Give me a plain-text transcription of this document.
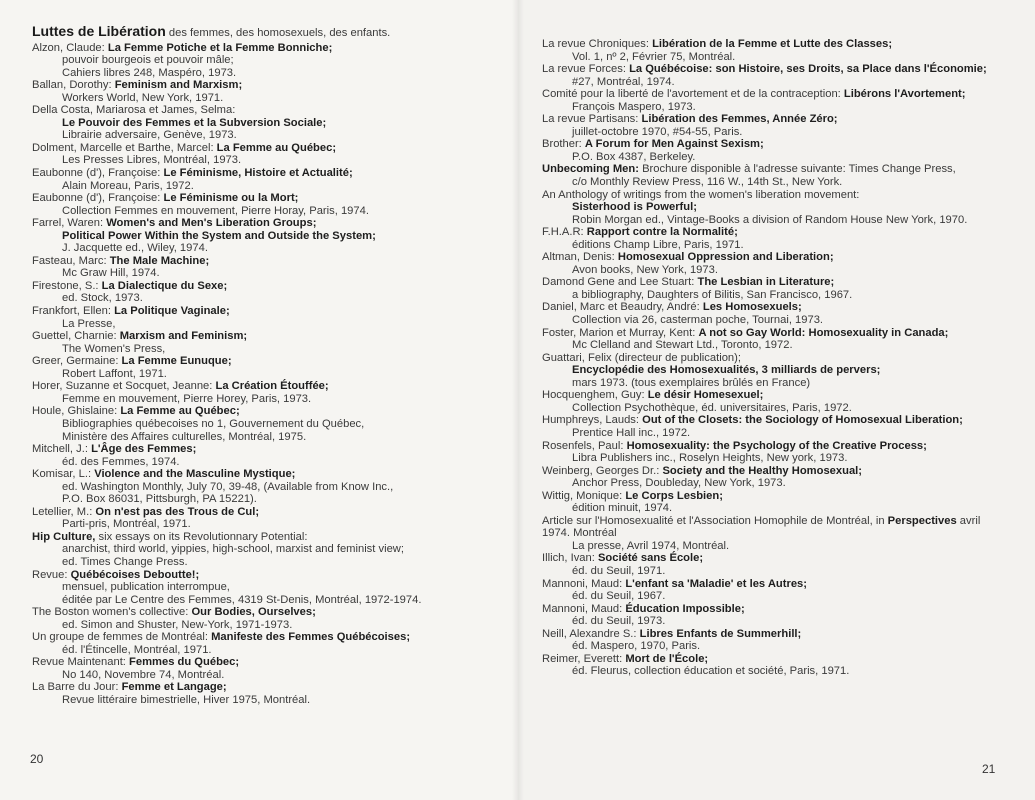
Luttes de Libération des femmes, des homosexuels, des enfants.
Alzon, Claude: La Femme Potiche et la Femme Bonniche;
pouvoir bourgeois et pouvoir mâle;
Cahiers libres 248, Maspéro, 1973.
Ballan, Dorothy: Feminism and Marxism;
Workers World, New York, 1971.
Della Costa, Mariarosa et James, Selma:
Le Pouvoir des Femmes et la Subversion Sociale;
Librairie adversaire, Genève, 1973.
Dolment, Marcelle et Barthe, Marcel: La Femme au Québec;
Les Presses Libres, Montréal, 1973.
Eaubonne (d'), Françoise: Le Féminisme, Histoire et Actualité;
Alain Moreau, Paris, 1972.
Eaubonne (d'), Françoise: Le Féminisme ou la Mort;
Collection Femmes en mouvement, Pierre Horay, Paris, 1974.
Farrel, Waren: Women's and Men's Liberation Groups;
Political Power Within the System and Outside the System;
J. Jacquette ed., Wiley, 1974.
Fasteau, Marc: The Male Machine;
Mc Graw Hill, 1974.
Firestone, S.: La Dialectique du Sexe;
ed. Stock, 1973.
Frankfort, Ellen: La Politique Vaginale;
La Presse,
Guettel, Charnie: Marxism and Feminism;
The Women's Press,
Greer, Germaine: La Femme Eunuque;
Robert Laffont, 1971.
Horer, Suzanne et Socquet, Jeanne: La Création Étouffée;
Femme en mouvement, Pierre Horey, Paris, 1973.
Houle, Ghislaine: La Femme au Québec;
Bibliographies québecoises no 1, Gouvernement du Québec,
Ministère des Affaires culturelles, Montréal, 1975.
Mitchell, J.: L'Âge des Femmes;
éd. des Femmes, 1974.
Komisar, L.: Violence and the Masculine Mystique;
ed. Washington Monthly, July 70, 39-48, (Available from Know Inc.,
P.O. Box 86031, Pittsburgh, PA 15221).
Letellier, M.: On n'est pas des Trous de Cul;
Parti-pris, Montréal, 1971.
Hip Culture, six essays on its Revolutionnary Potential:
anarchist, third world, yippies, high-school, marxist and feminist view;
ed. Times Change Press.
Revue: Québécoises Deboutte!;
mensuel, publication interrompue,
éditée par Le Centre des Femmes, 4319 St-Denis, Montréal, 1972-1974.
The Boston women's collective: Our Bodies, Ourselves;
ed. Simon and Shuster, New-York, 1971-1973.
Un groupe de femmes de Montréal: Manifeste des Femmes Québécoises;
éd. l'Étincelle, Montréal, 1971.
Revue Maintenant: Femmes du Québec;
No 140, Novembre 74, Montréal.
La Barre du Jour: Femme et Langage;
Revue littéraire bimestrielle, Hiver 1975, Montréal.
La revue Chroniques: Libération de la Femme et Lutte des Classes;
Vol. 1, nº 2, Février 75, Montréal.
La revue Forces: La Québécoise: son Histoire, ses Droits, sa Place dans l'Économie;
#27, Montréal, 1974.
Comité pour la liberté de l'avortement et de la contraception: Libérons l'Avortement;
François Maspero, 1973.
La revue Partisans: Libération des Femmes, Année Zéro;
juillet-octobre 1970, #54-55, Paris.
Brother: A Forum for Men Against Sexism;
P.O. Box 4387, Berkeley.
Unbecoming Men: Brochure disponible à l'adresse suivante: Times Change Press,
c/o Monthly Review Press, 116 W., 14th St., New York.
An Anthology of writings from the women's liberation movement:
Sisterhood is Powerful;
Robin Morgan ed., Vintage-Books a division of Random House New York, 1970.
F.H.A.R: Rapport contre la Normalité;
éditions Champ Libre, Paris, 1971.
Altman, Denis: Homosexual Oppression and Liberation;
Avon books, New York, 1973.
Damond Gene and Lee Stuart: The Lesbian in Literature;
a bibliography, Daughters of Bilitis, San Francisco, 1967.
Daniel, Marc et Beaudry, André: Les Homosexuels;
Collection via 26, casterman poche, Tournai, 1973.
Foster, Marion et Murray, Kent: A not so Gay World: Homosexuality in Canada;
Mc Clelland and Stewart Ltd., Toronto, 1972.
Guattari, Felix (directeur de publication);
Encyclopédie des Homosexualités, 3 milliards de pervers;
mars 1973. (tous exemplaires brûlés en France)
Hocquenghem, Guy: Le désir Homesexuel;
Collection Psychothèque, éd. universitaires, Paris, 1972.
Humphreys, Lauds: Out of the Closets: the Sociology of Homosexual Liberation;
Prentice Hall inc., 1972.
Rosenfels, Paul: Homosexuality: the Psychology of the Creative Process;
Libra Publishers inc., Roselyn Heights, New york, 1973.
Weinberg, Georges Dr.: Society and the Healthy Homosexual;
Anchor Press, Doubleday, New York, 1973.
Wittig, Monique: Le Corps Lesbien;
édition minuit, 1974.
Article sur l'Homosexualité et l'Association Homophile de Montréal, in Perspectives avril
1974. Montréal
La presse, Avril 1974, Montréal.
Illich, Ivan: Société sans École;
éd. du Seuil, 1971.
Mannoni, Maud: L'enfant sa 'Maladie' et les Autres;
éd. du Seuil, 1967.
Mannoni, Maud: Éducation Impossible;
éd. du Seuil, 1973.
Neill, Alexandre S.: Libres Enfants de Summerhill;
éd. Maspero, 1970, Paris.
Reimer, Everett: Mort de l'École;
éd. Fleurus, collection éducation et société, Paris, 1971.
20
21
